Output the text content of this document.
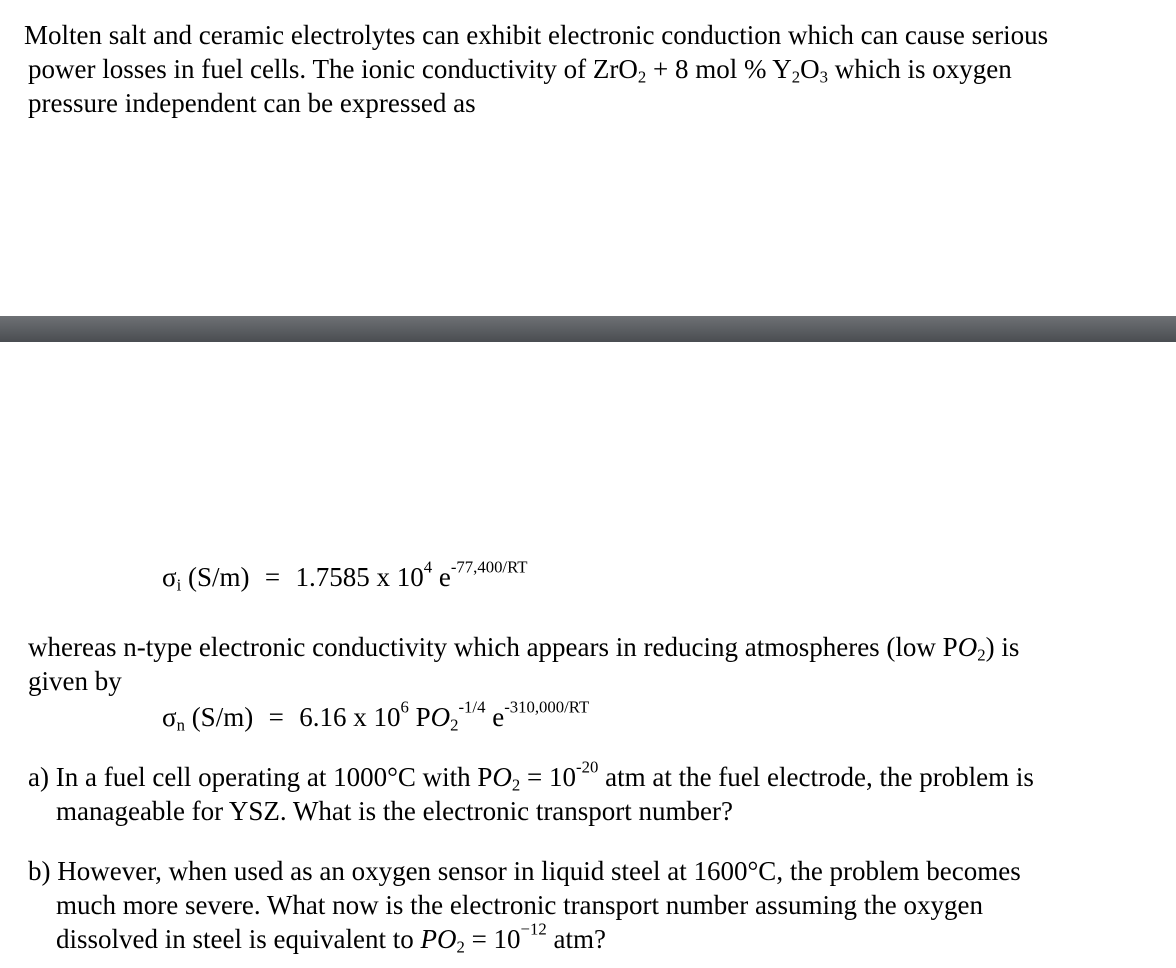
Molten salt and ceramic electrolytes can exhibit electronic conduction which can cause serious
power losses in fuel cells. The ionic conductivity of ZrO$_2$ + 8 mol % $Y_2O_3$ which is oxygen
pressure independent can be expressed as
$\sigma_i$ (S/m) = 1.7585 x $10^4$ $e^{-77,400/RT}$
whereas n-type electronic conductivity which appears in reducing atmospheres (low $PO_2$) is
given by
$\sigma_n$ (S/m) = 6.16 x $10^6$ $PO_2^{-1/4}$ $e^{-310,000/RT}$
a) In a fuel cell operating at 1000°C with $PO_2 = 10^{-20}$ atm at the fuel electrode, the problem is
manageable for YSZ. What is the electronic transport number?
b) However, when used as an oxygen sensor in liquid steel at 1600°C, the problem becomes
much more severe. What now is the electronic transport number assuming the oxygen
dissolved in steel is equivalent to $PO_2 = 10^{-12}$ atm?
